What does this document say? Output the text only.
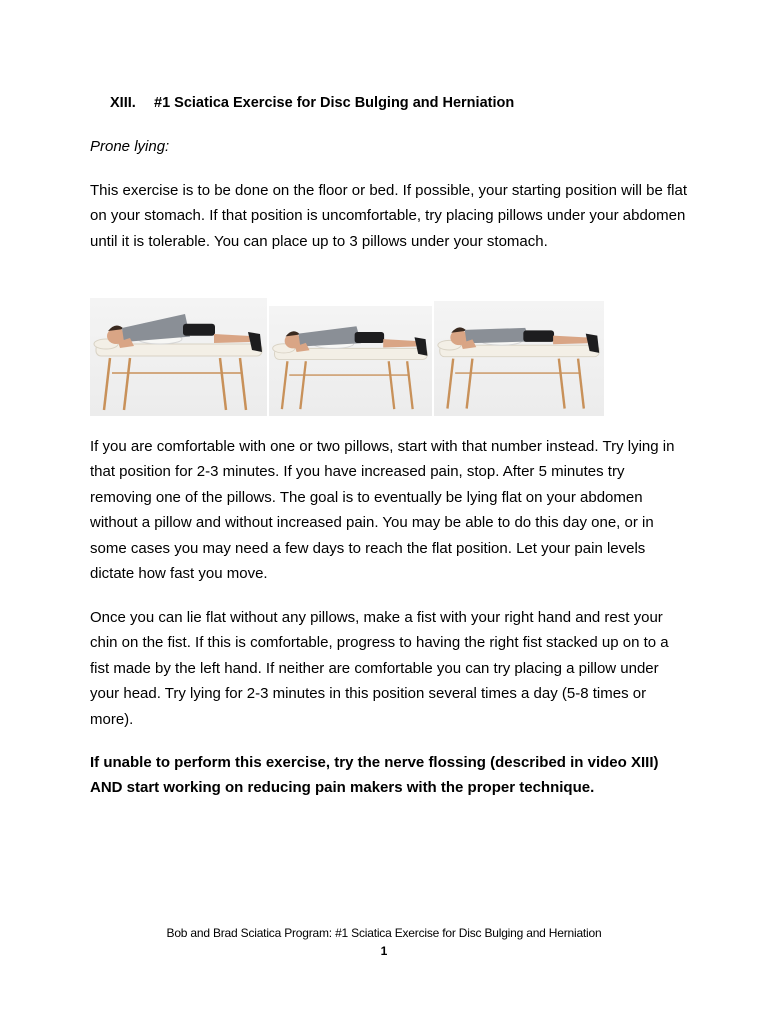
XIII. #1 Sciatica Exercise for Disc Bulging and Herniation
Prone lying:

This exercise is to be done on the floor or bed. If possible, your starting position will be flat on your stomach. If that position is uncomfortable, try placing pillows under your abdomen until it is tolerable. You can place up to 3 pillows under your stomach.

If you are comfortable with one or two pillows, start with that number instead. Try lying in that position for 2-3 minutes. If you have increased pain, stop. After 5 minutes try removing one of the pillows. The goal is to eventually be lying flat on your abdomen without a pillow and without increased pain. You may be able to do this day one, or in some cases you may need a few days to reach the flat position. Let your pain levels dictate how fast you move.

Once you can lie flat without any pillows, make a fist with your right hand and rest your chin on the fist. If this is comfortable, progress to having the right fist stacked up on to a fist made by the left hand. If neither are comfortable you can try placing a pillow under your head. Try lying for 2-3 minutes in this position several times a day (5-8 times or more).

If unable to perform this exercise, try the nerve flossing (described in video XIII) AND start working on reducing pain makers with the proper technique.

Bob and Brad Sciatica Program: #1 Sciatica Exercise for Disc Bulging and Herniation
1
